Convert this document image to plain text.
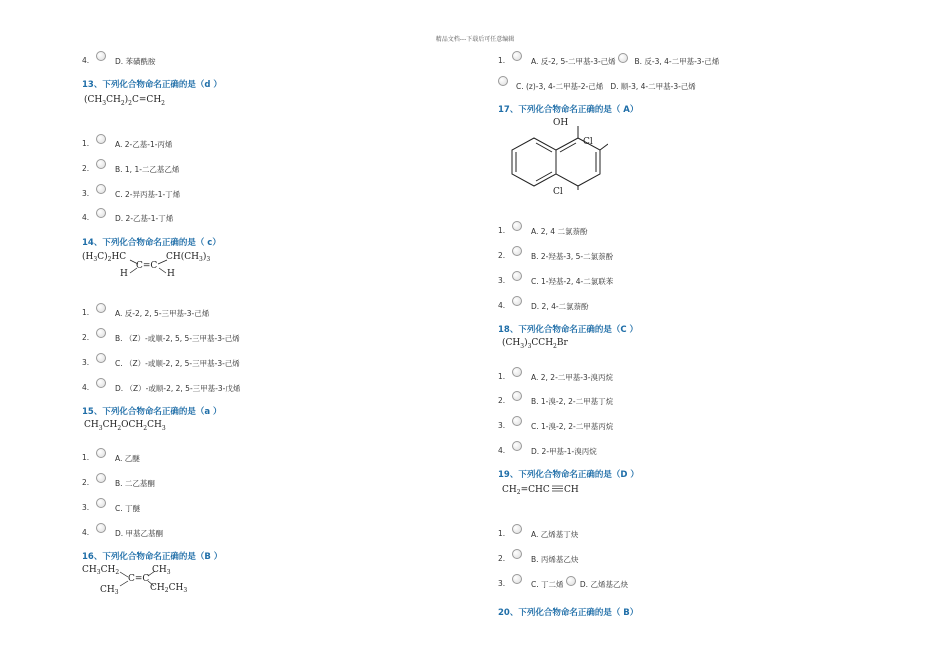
精品文档---下载后可任意编辑
4.	D. 苯磺酰胺
13、下列化合物命名正确的是（d ）
$(CH_3CH_2)_2C=CH_2$
1.	A. 2-乙基-1-丙烯
2.	B. 1, 1-二乙基乙烯
3.	C. 2-异丙基-1-丁烯
4.	D. 2-乙基-1-丁烯
14、下列化合物命名正确的是（ c）
$(H_3C)_2HC$	$CH(CH_3)_3$
C=C
H	H
1.	A. 反-2, 2, 5-三甲基-3-己烯
2.	B. （Z）-或顺-2, 5, 5-三甲基-3-己烯
3.	C. （Z）-或顺-2, 2, 5-三甲基-3-己烯
4.	D. （Z）-或顺-2, 2, 5-三甲基-3-戊烯
15、下列化合物命名正确的是（a ）
$CH_3CH_2OCH_2CH_3$
1.	A. 乙醚
2.	B. 二乙基酮
3.	C. 丁醚
4.	D. 甲基乙基酮
16、下列化合物命名正确的是（B ）
$CH_3CH_2$
C=C
$CH_3$
$CH_3$	$CH_2CH_3$
1.	A. 反-2, 5-二甲基-3-己烯	B. 反-3, 4-二甲基-3-己烯
C. (z)-3, 4-二甲基-2-己烯 D. 顺-3, 4-二甲基-3-己烯
17、下列化合物命名正确的是（ A）
OH
Cl
Cl
1.	A. 2, 4 二氯萘酚
2.	B. 2-羟基-3, 5-二氯萘酚
3.	C. 1-羟基-2, 4-二氯联苯
4.	D. 2, 4-二氯萘酚
18、下列化合物命名正确的是（C ）
$(CH_3)_3CCH_2Br$
1.	A. 2, 2-二甲基-3-溴丙烷
2.	B. 1-溴-2, 2-二甲基丁烷
3.	C. 1-溴-2, 2-二甲基丙烷
4.	D. 2-甲基-1-溴丙烷
19、下列化合物命名正确的是（D ）
$CH_2=CHC$ CH
1.	A. 乙烯基丁炔
2.	B. 丙烯基乙炔
3.	C. 丁二烯 D. 乙烯基乙炔
20、下列化合物命名正确的是（ B）
